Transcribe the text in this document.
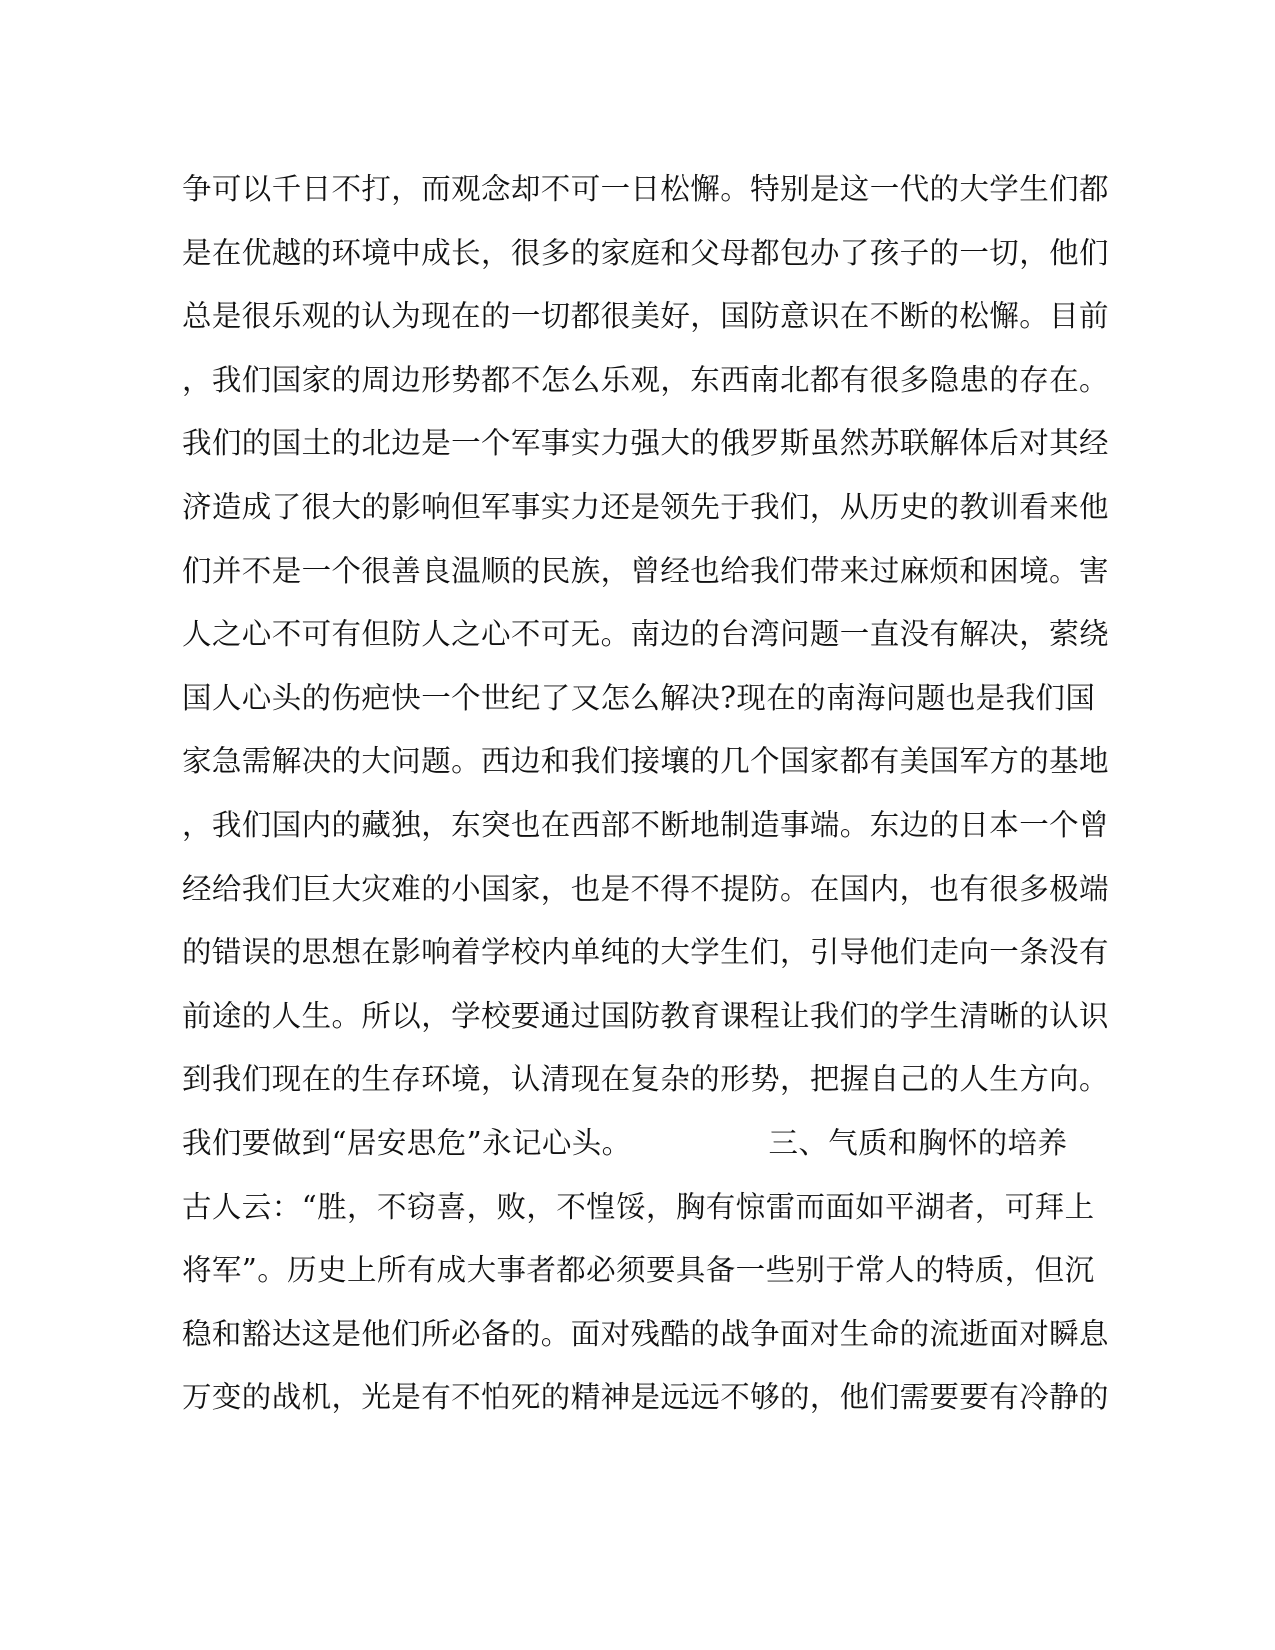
争可以千日不打，而观念却不可一日松懈。特别是这一代的大学生们都
是在优越的环境中成长，很多的家庭和父母都包办了孩子的一切，他们
总是很乐观的认为现在的一切都很美好，国防意识在不断的松懈。目前
，我们国家的周边形势都不怎么乐观，东西南北都有很多隐患的存在。
我们的国土的北边是一个军事实力强大的俄罗斯虽然苏联解体后对其经
济造成了很大的影响但军事实力还是领先于我们，从历史的教训看来他
们并不是一个很善良温顺的民族，曾经也给我们带来过麻烦和困境。害
人之心不可有但防人之心不可无。南边的台湾问题一直没有解决，萦绕
国人心头的伤疤快一个世纪了又怎么解决?现在的南海问题也是我们国
家急需解决的大问题。西边和我们接壤的几个国家都有美国军方的基地
，我们国内的藏独，东突也在西部不断地制造事端。东边的日本一个曾
经给我们巨大灾难的小国家，也是不得不提防。在国内，也有很多极端
的错误的思想在影响着学校内单纯的大学生们，引导他们走向一条没有
前途的人生。所以，学校要通过国防教育课程让我们的学生清晰的认识
到我们现在的生存环境，认清现在复杂的形势，把握自己的人生方向。
我们要做到“居安思危”永记心头。              三、气质和胸怀的培养
古人云：“胜，不窃喜，败，不惶馁，胸有惊雷而面如平湖者，可拜上
将军”。历史上所有成大事者都必须要具备一些别于常人的特质，但沉
稳和豁达这是他们所必备的。面对残酷的战争面对生命的流逝面对瞬息
万变的战机，光是有不怕死的精神是远远不够的，他们需要要有冷静的
